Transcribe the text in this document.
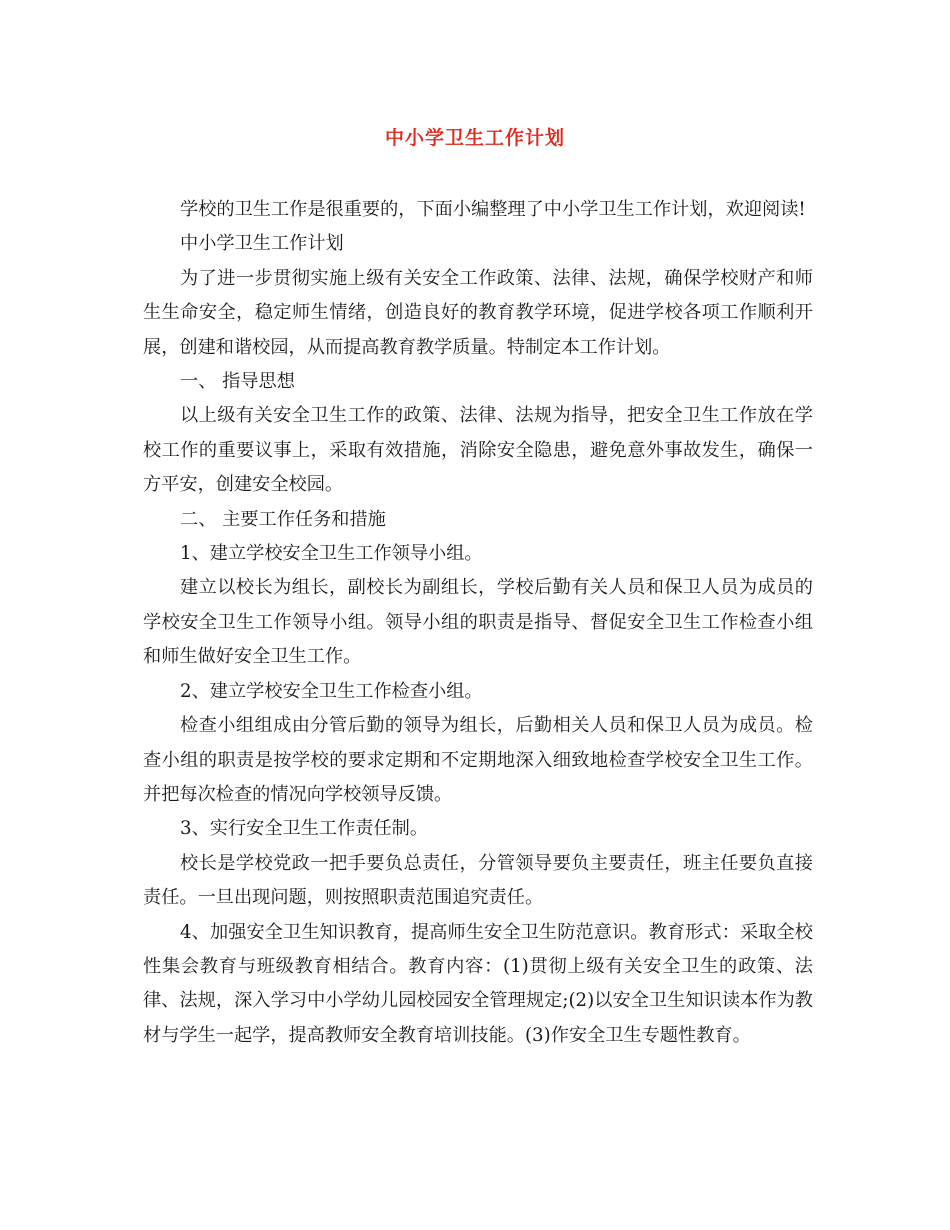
中小学卫生工作计划

学校的卫生工作是很重要的，下面小编整理了中小学卫生工作计划，欢迎阅读!

中小学卫生工作计划

为了进一步贯彻实施上级有关安全工作政策、法律、法规，确保学校财产和师生生命安全，稳定师生情绪，创造良好的教育教学环境，促进学校各项工作顺利开展，创建和谐校园，从而提高教育教学质量。特制定本工作计划。

一、 指导思想

以上级有关安全卫生工作的政策、法律、法规为指导，把安全卫生工作放在学校工作的重要议事上，采取有效措施，消除安全隐患，避免意外事故发生，确保一方平安，创建安全校园。

二、 主要工作任务和措施

1、建立学校安全卫生工作领导小组。

建立以校长为组长，副校长为副组长，学校后勤有关人员和保卫人员为成员的学校安全卫生工作领导小组。领导小组的职责是指导、督促安全卫生工作检查小组和师生做好安全卫生工作。

2、建立学校安全卫生工作检查小组。

检查小组组成由分管后勤的领导为组长，后勤相关人员和保卫人员为成员。检查小组的职责是按学校的要求定期和不定期地深入细致地检查学校安全卫生工作。并把每次检查的情况向学校领导反馈。

3、实行安全卫生工作责任制。

校长是学校党政一把手要负总责任，分管领导要负主要责任，班主任要负直接责任。一旦出现问题，则按照职责范围追究责任。

4、加强安全卫生知识教育，提高师生安全卫生防范意识。教育形式：采取全校性集会教育与班级教育相结合。教育内容：(1)贯彻上级有关安全卫生的政策、法律、法规，深入学习中小学幼儿园校园安全管理规定;(2)以安全卫生知识读本作为教材与学生一起学，提高教师安全教育培训技能。(3)作安全卫生专题性教育。
